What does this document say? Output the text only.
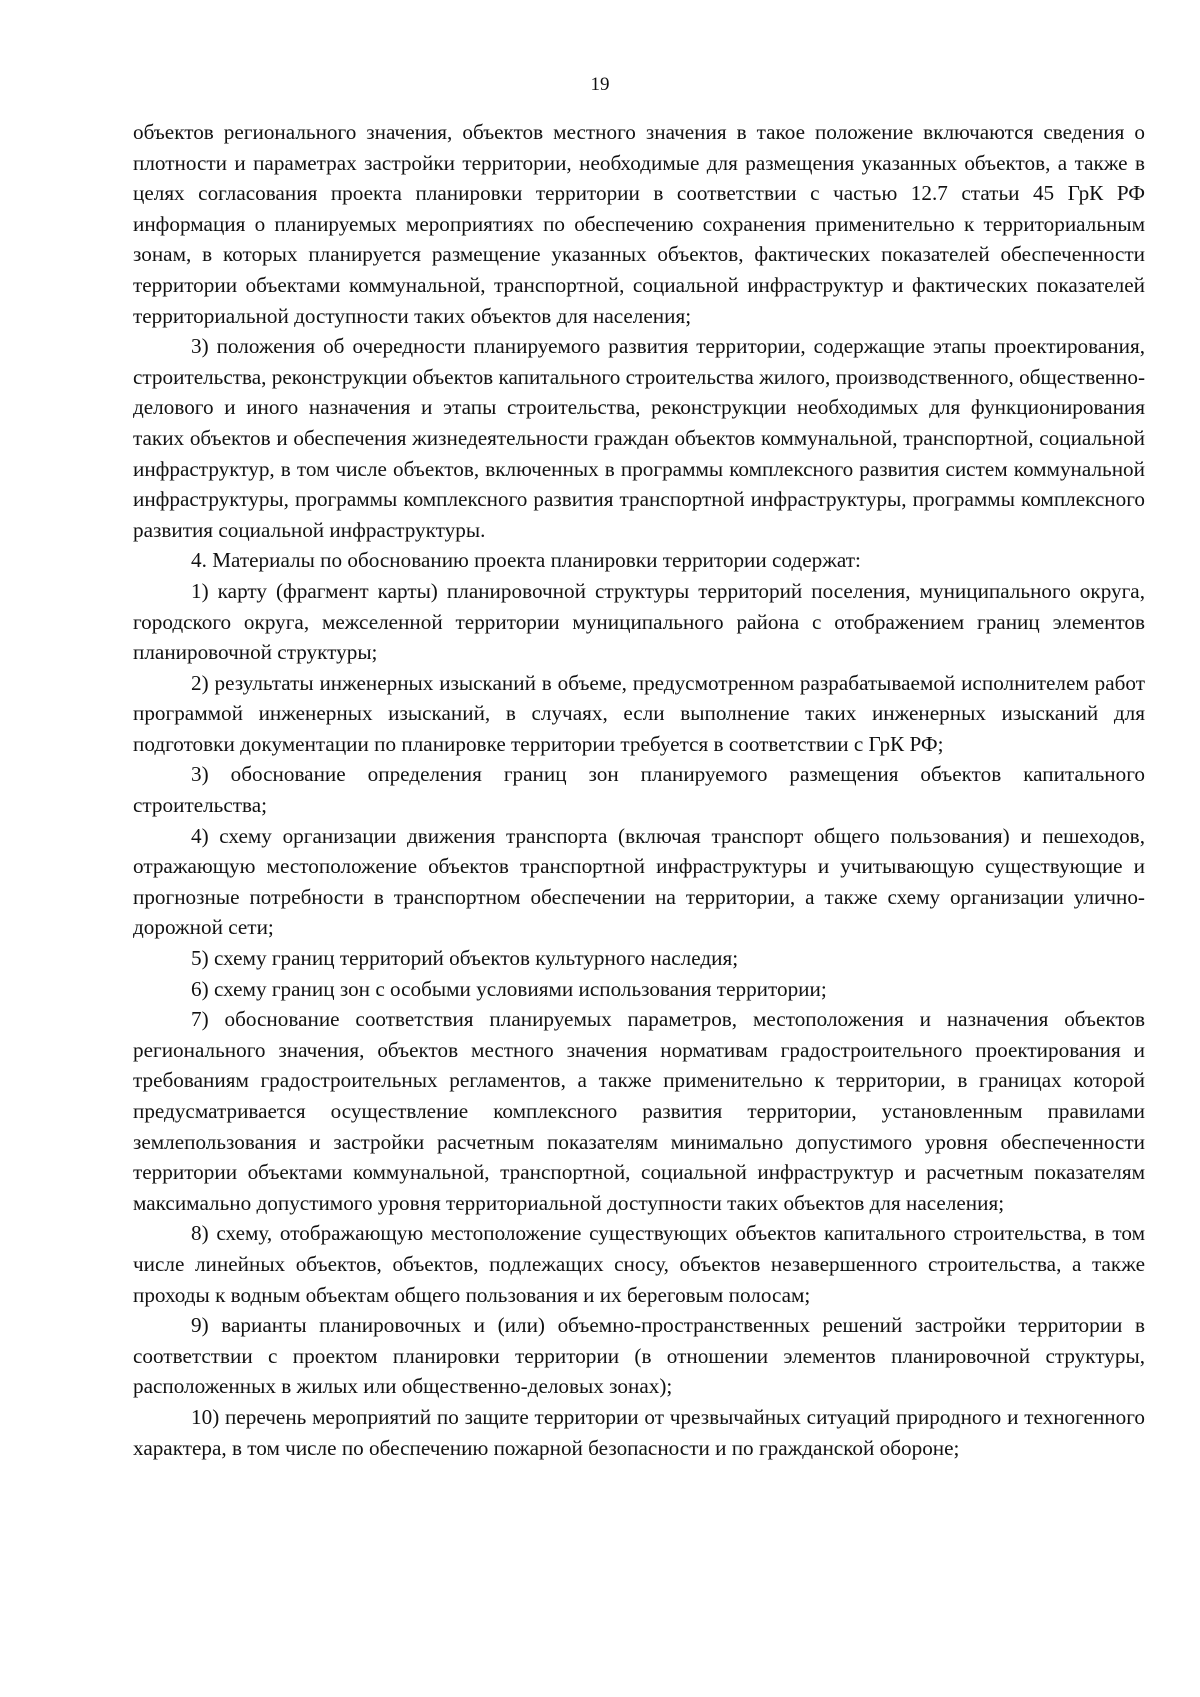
19

объектов регионального значения, объектов местного значения в такое положение включаются сведения о плотности и параметрах застройки территории, необходимые для размещения указанных объектов, а также в целях согласования проекта планировки территории в соответствии с частью 12.7 статьи 45 ГрК РФ информация о планируемых мероприятиях по обеспечению сохранения применительно к территориальным зонам, в которых планируется размещение указанных объектов, фактических показателей обеспеченности территории объектами коммунальной, транспортной, социальной инфраструктур и фактических показателей территориальной доступности таких объектов для населения;

3) положения об очередности планируемого развития территории, содержащие этапы проектирования, строительства, реконструкции объектов капитального строительства жилого, производственного, общественно-делового и иного назначения и этапы строительства, реконструкции необходимых для функционирования таких объектов и обеспечения жизнедеятельности граждан объектов коммунальной, транспортной, социальной инфраструктур, в том числе объектов, включенных в программы комплексного развития систем коммунальной инфраструктуры, программы комплексного развития транспортной инфраструктуры, программы комплексного развития социальной инфраструктуры.

4. Материалы по обоснованию проекта планировки территории содержат:

1) карту (фрагмент карты) планировочной структуры территорий поселения, муниципального округа, городского округа, межселенной территории муниципального района с отображением границ элементов планировочной структуры;

2) результаты инженерных изысканий в объеме, предусмотренном разрабатываемой исполнителем работ программой инженерных изысканий, в случаях, если выполнение таких инженерных изысканий для подготовки документации по планировке территории требуется в соответствии с ГрК РФ;

3) обоснование определения границ зон планируемого размещения объектов капитального строительства;

4) схему организации движения транспорта (включая транспорт общего пользования) и пешеходов, отражающую местоположение объектов транспортной инфраструктуры и учитывающую существующие и прогнозные потребности в транспортном обеспечении на территории, а также схему организации улично-дорожной сети;

5) схему границ территорий объектов культурного наследия;

6) схему границ зон с особыми условиями использования территории;

7) обоснование соответствия планируемых параметров, местоположения и назначения объектов регионального значения, объектов местного значения нормативам градостроительного проектирования и требованиям градостроительных регламентов, а также применительно к территории, в границах которой предусматривается осуществление комплексного развития территории, установленным правилами землепользования и застройки расчетным показателям минимально допустимого уровня обеспеченности территории объектами коммунальной, транспортной, социальной инфраструктур и расчетным показателям максимально допустимого уровня территориальной доступности таких объектов для населения;

8) схему, отображающую местоположение существующих объектов капитального строительства, в том числе линейных объектов, объектов, подлежащих сносу, объектов незавершенного строительства, а также проходы к водным объектам общего пользования и их береговым полосам;

9) варианты планировочных и (или) объемно-пространственных решений застройки территории в соответствии с проектом планировки территории (в отношении элементов планировочной структуры, расположенных в жилых или общественно-деловых зонах);

10) перечень мероприятий по защите территории от чрезвычайных ситуаций природного и техногенного характера, в том числе по обеспечению пожарной безопасности и по гражданской обороне;
